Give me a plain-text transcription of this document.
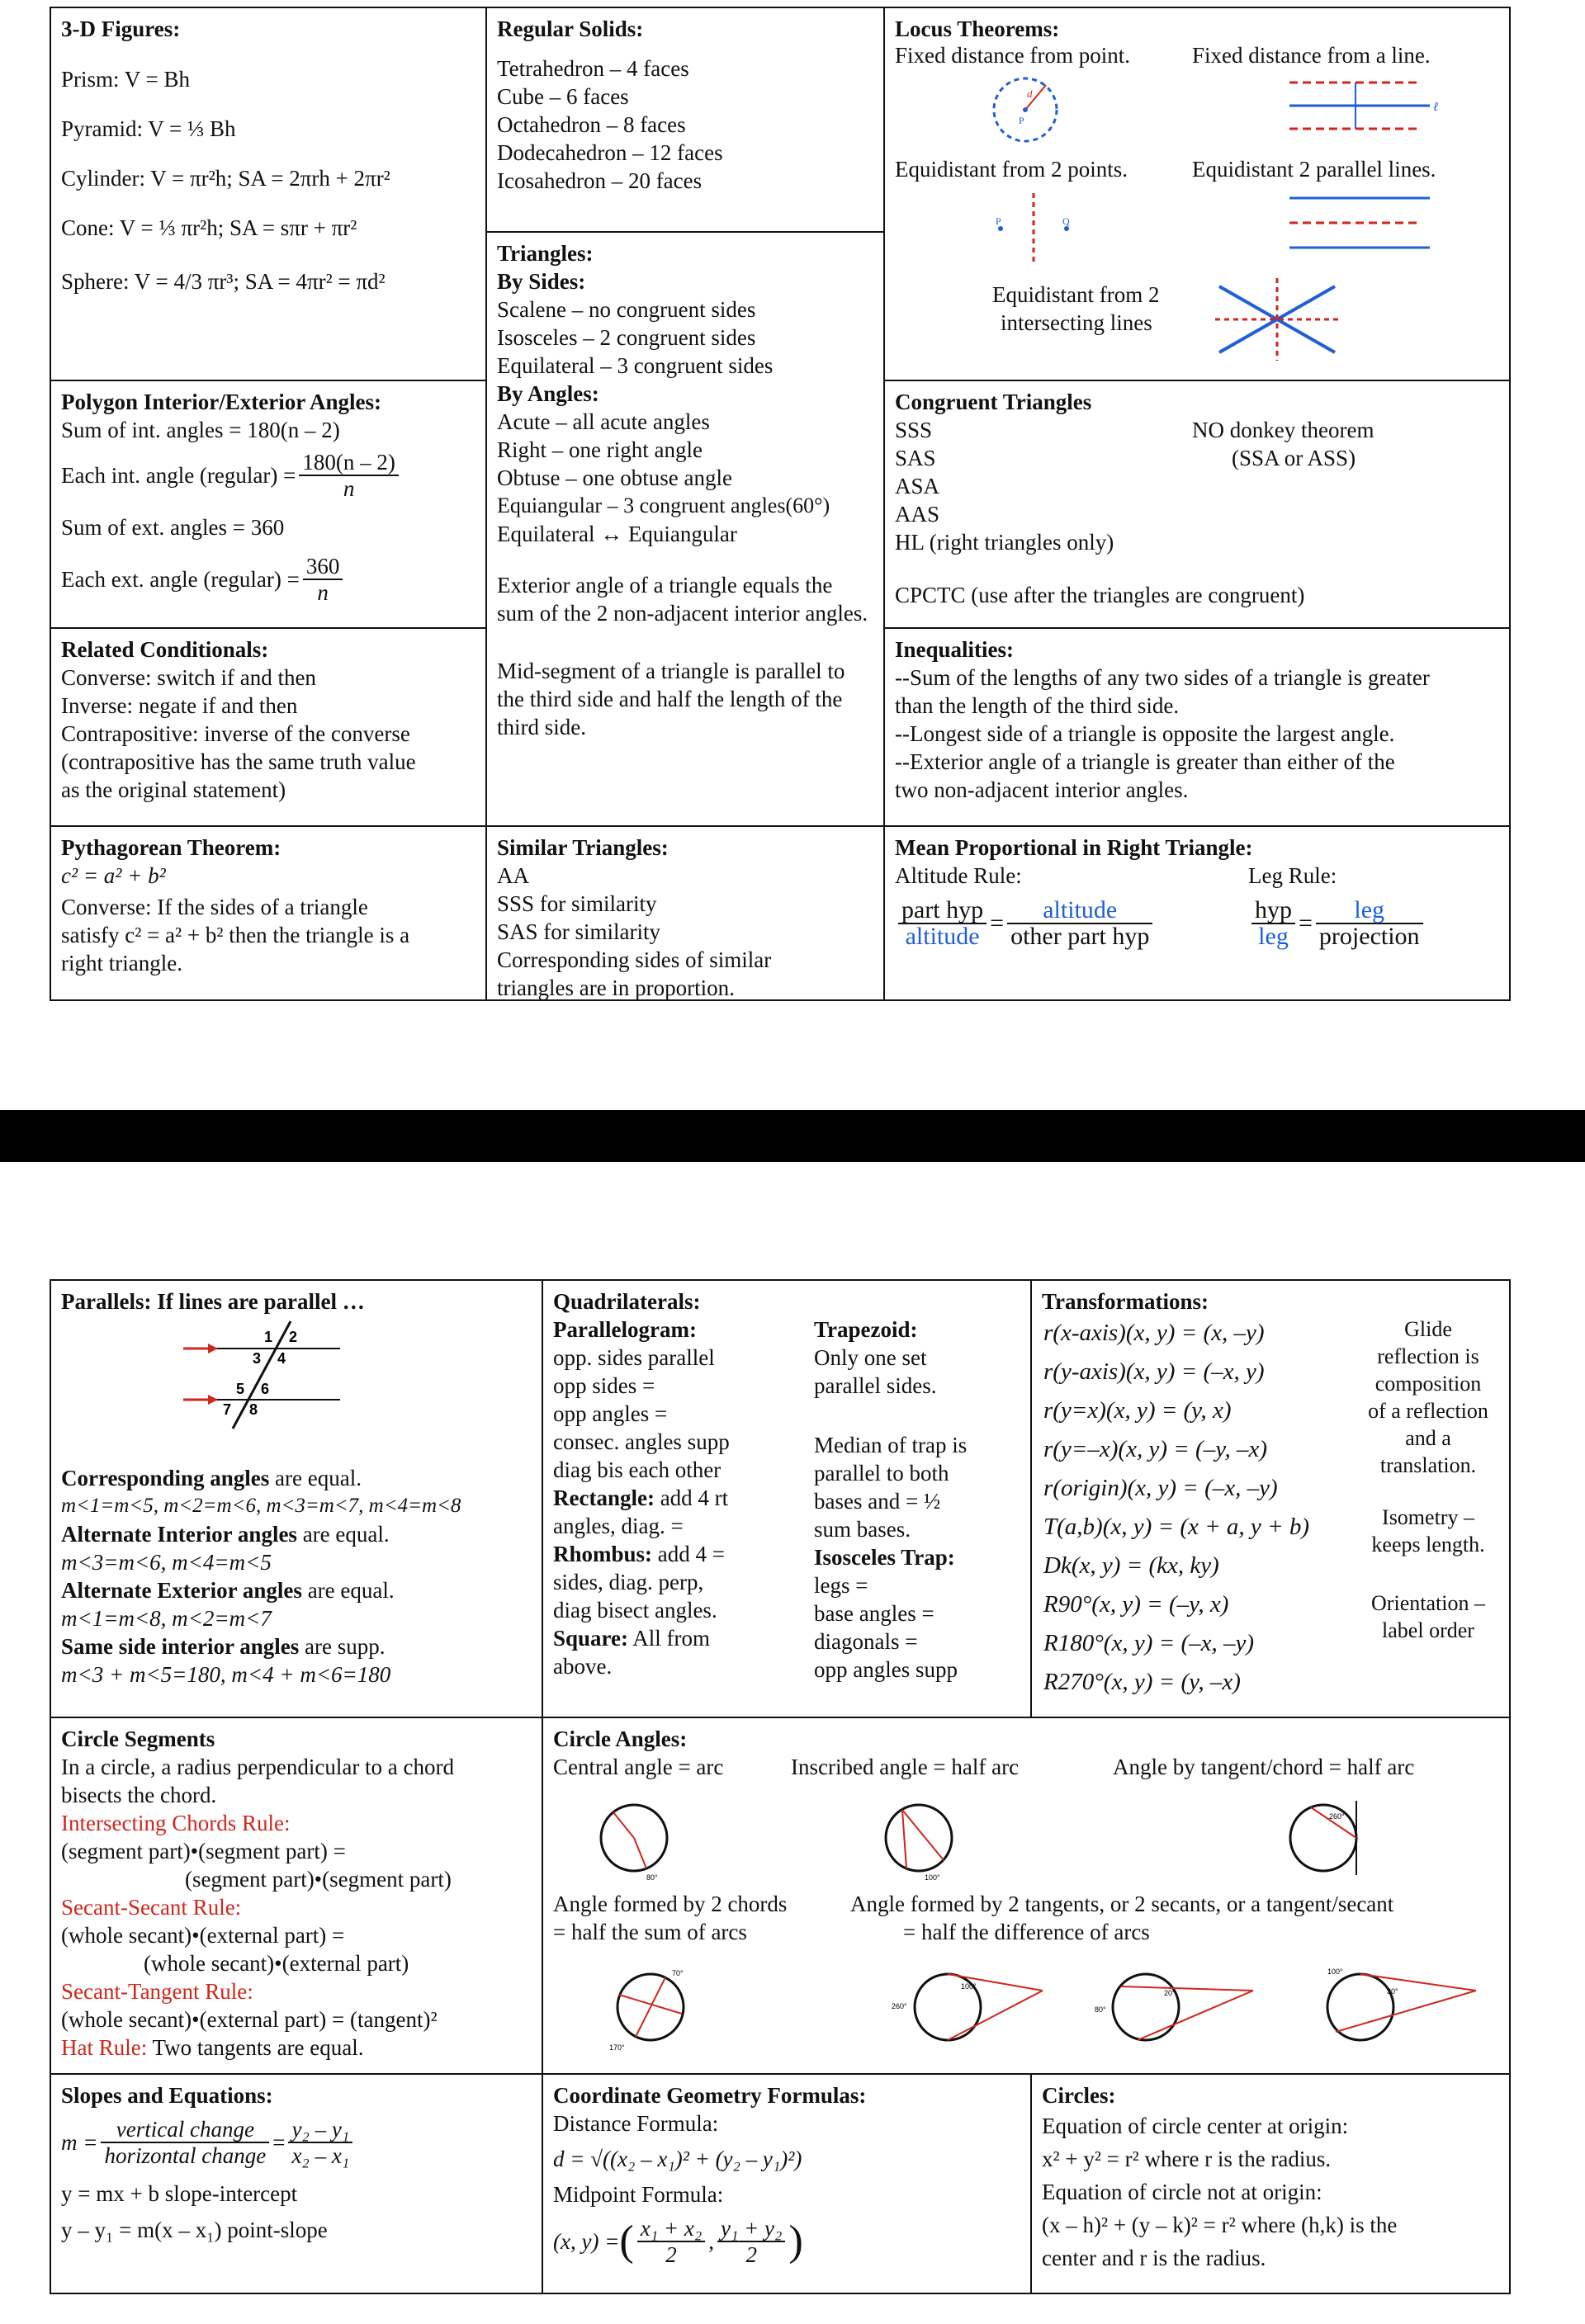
3-D Figures:
Prism: V = Bh
Pyramid: V = ⅓ Bh
Cylinder: V = πr²h; SA = 2πrh + 2πr²
Cone: V = ⅓ πr²h; SA = sπr + πr²
Sphere: V = 4/3 πr³; SA = 4πr² = πd²
Regular Solids:
Tetrahedron – 4 faces
Cube – 6 faces
Octahedron – 8 faces
Dodecahedron – 12 faces
Icosahedron – 20 faces
Locus Theorems:
Fixed distance from point.	Fixed distance from a line.
d
P
ℓ
Equidistant from 2 points.	Equidistant 2 parallel lines.
P	Q
Equidistant from 2
intersecting lines
Polygon Interior/Exterior Angles:
Sum of int. angles = 180(n – 2)
Each int. angle (regular) = $\frac{180(n - 2)}{n}$
Sum of ext. angles = 360
Each ext. angle (regular) = $\frac{360}{n}$
Triangles:
By Sides:
Scalene – no congruent sides
Isosceles – 2 congruent sides
Equilateral – 3 congruent sides
By Angles:
Acute – all acute angles
Right – one right angle
Obtuse – one obtuse angle
Equiangular – 3 congruent angles(60°)
Equilateral ↔ Equiangular
Exterior angle of a triangle equals the sum of the 2 non-adjacent interior angles.
Mid-segment of a triangle is parallel to the third side and half the length of the third side.
Congruent Triangles
SSS
SAS
ASA
AAS
HL (right triangles only)
NO donkey theorem
(SSA or ASS)
CPCTC (use after the triangles are congruent)
Related Conditionals:
Converse: switch if and then
Inverse: negate if and then
Contrapositive: inverse of the converse
(contrapositive has the same truth value
as the original statement)
Inequalities:
--Sum of the lengths of any two sides of a triangle is greater
than the length of the third side.
--Longest side of a triangle is opposite the largest angle.
--Exterior angle of a triangle is greater than either of the
two non-adjacent interior angles.
Pythagorean Theorem:
c² = a² + b²
Converse: If the sides of a triangle
satisfy c² = a² + b² then the triangle is a
right triangle.
Similar Triangles:
AA
SSS for similarity
SAS for similarity
Corresponding sides of similar
triangles are in proportion.
Mean Proportional in Right Triangle:
Altitude Rule:	Leg Rule:
$\frac{\text{part hyp}}{\text{altitude}} = \frac{\text{altitude}}{\text{other part hyp}}$	$\frac{\text{hyp}}{\text{leg}} = \frac{\text{leg}}{\text{projection}}$
Parallels: If lines are parallel …
1 2
3 4
5 6
7 8
Corresponding angles are equal.
m<1=m<5, m<2=m<6, m<3=m<7, m<4=m<8
Alternate Interior angles are equal.
m<3=m<6, m<4=m<5
Alternate Exterior angles are equal.
m<1=m<8, m<2=m<7
Same side interior angles are supp.
m<3 + m<5=180, m<4 + m<6=180
Quadrilaterals:
Parallelogram:
opp. sides parallel
opp sides =
opp angles =
consec. angles supp
diag bis each other
Rectangle: add 4 rt
angles, diag. =
Rhombus: add 4 =
sides, diag. perp,
diag bisect angles.
Square: All from
above.
Trapezoid:
Only one set
parallel sides.
Median of trap is
parallel to both
bases and = ½
sum bases.
Isosceles Trap:
legs =
base angles =
diagonals =
opp angles supp
Transformations:
r(x-axis)(x, y) = (x, –y)
r(y-axis)(x, y) = (–x, y)
r(y=x)(x, y) = (y, x)
r(y=–x)(x, y) = (–y, –x)
r(origin)(x, y) = (–x, –y)
T(a,b)(x, y) = (x + a, y + b)
Dk(x, y) = (kx, ky)
R90°(x, y) = (–y, x)
R180°(x, y) = (–x, –y)
R270°(x, y) = (y, –x)
Glide
reflection is
composition
of a reflection
and a
translation.
Isometry –
keeps length.
Orientation –
label order
Circle Segments
In a circle, a radius perpendicular to a chord
bisects the chord.
Intersecting Chords Rule:
(segment part)•(segment part) =
(segment part)•(segment part)
Secant-Secant Rule:
(whole secant)•(external part) =
(whole secant)•(external part)
Secant-Tangent Rule:
(whole secant)•(external part) = (tangent)²
Hat Rule: Two tangents are equal.
Circle Angles:
Central angle = arc	Inscribed angle = half arc	Angle by tangent/chord = half arc
80°	100°
260°
Angle formed by 2 chords
= half the sum of arcs
Angle formed by 2 tangents, or 2 secants, or a tangent/secant
= half the difference of arcs
70°
170°
260°
100°
80°
20°
100°
30°
Slopes and Equations:
$m = \frac{\text{vertical change}}{\text{horizontal change}} = \frac{\text{y₂ – y₁}}{\text{x₂ – x₁}}$
y = mx + b slope-intercept
y – y₁ = m(x – x₁) point-slope
Coordinate Geometry Formulas:
Distance Formula:
d = √((x₂ – x₁)² + (y₂ – y₁)²)
Midpoint Formula:
(x, y) = ( $\frac{\text{x₁ + x₂}}{2}$ , $\frac{\text{y₁ + y₂}}{2}$ )
Circles:
Equation of circle center at origin:
x² + y² = r² where r is the radius.
Equation of circle not at origin:
(x – h)² + (y – k)² = r² where (h,k) is the
center and r is the radius.
